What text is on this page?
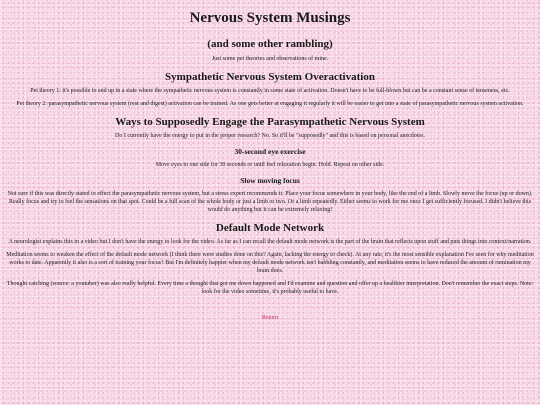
Nervous System Musings
(and some other rambling)

Just some pet theories and observations of mine.

Sympathetic Nervous System Overactivation

Pet theory 1: it's possible to end up in a state where the sympathetic nervous system is constantly in some state of activation. Doesn't have to be full-blown but can be a constant sense of tenseness, etc.

Pet theory 2: parasympathetic nervous system (rest and digest) activation can be trained. As one gets better at engaging it regularly it will be easier to get into a state of parasympathetic nervous system activation.

Ways to Supposedly Engage the Parasympathetic Nervous System

Do I currently have the energy to put in the proper research? No. So it'll be "supposedly" and this is based on personal anecdotes.

30-second eye exercise

Move eyes to one side for 30 seconds or until feel relaxation begin. Hold. Repeat on other side.

Slow moving focus

Not sure if this was directly stated to effect the parasympathetic nervous system, but a stress expert recommends it. Place your focus somewhere in your body, like the end of a limb. Slowly move the focus (up or down). Really focus and try to feel the sensations on that spot. Could be a full scan of the whole body or just a limb or two. Or a limb repeatedly. Either seems to work for me once I get sufficiently focused. I didn't believe this would do anything but it can be extremely relaxing!

Default Mode Network

A neurologist explains this in a video but I don't have the energy to look for the video. As far as I can recall the default mode network is the part of the brain that reflects upon stuff and puts things into context/narration.

Meditation seems to weaken the effect of the default mode network (I think there were studies done on this? Again, lacking the energy to check). At any rate, it's the most sensible explanation I've seen for why meditation works to date. Apparently it also is a sort of training your focus? But I'm definitely happier when my default mode network isn't babbling constantly, and meditation seems to have reduced the amount of rumination my brain does.

Thought catching (source: a youtuber) was also really helpful. Every time a thought that got me down happened and I'd examine and question and offer up a healthier interpretation. Don't remember the exact steps. Note: look for the video sometime, it's probably useful to have.

Return
